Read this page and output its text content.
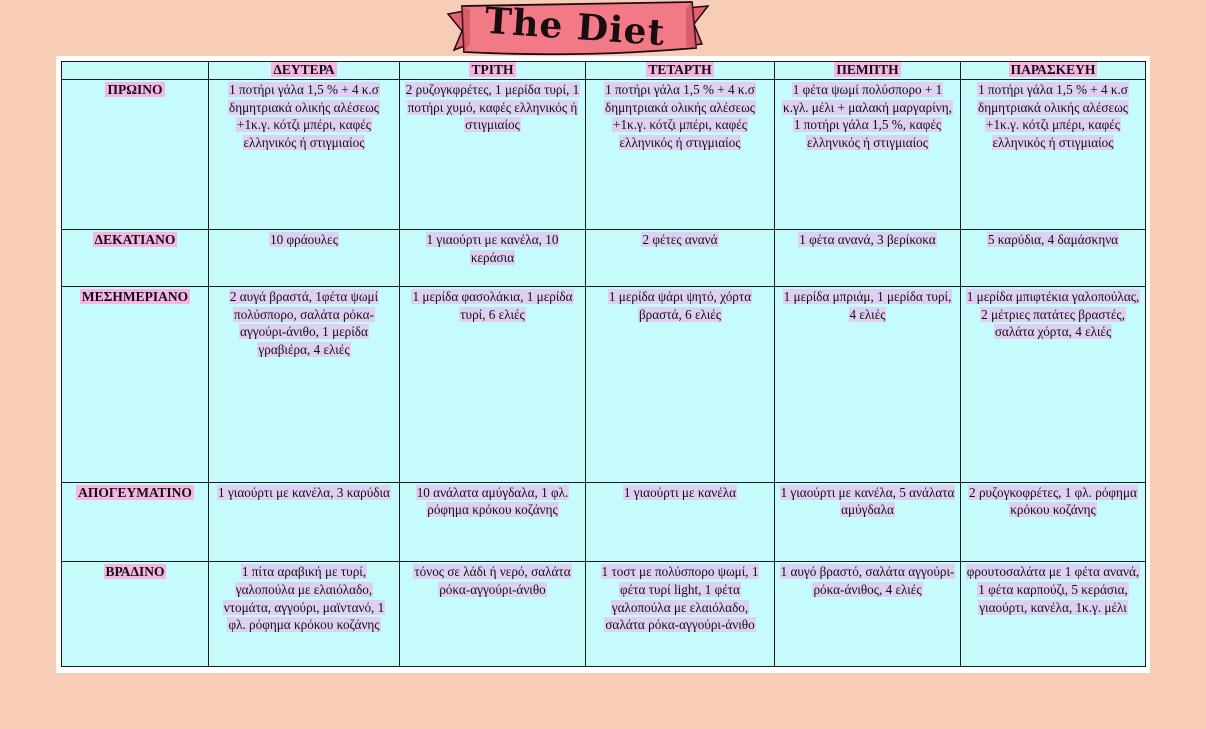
The Diet
	ΔΕΥΤΕΡΑ	ΤΡΙΤΗ	ΤΕΤΑΡΤΗ	ΠΕΜΠΤΗ	ΠΑΡΑΣΚΕΥΗ
ΠΡΩΙΝΟ	1 ποτήρι γάλα 1,5 % + 4 κ.σ δημητριακά ολικής αλέσεως +1κ.γ. κότζι μπέρι, καφές ελληνικός ή στιγμιαίος	2 ρυζογκφρέτες, 1 μερίδα τυρί, 1 ποτήρι χυμό, καφές ελληνικός ή στιγμιαίος	1 ποτήρι γάλα 1,5 % + 4 κ.σ δημητριακά ολικής αλέσεως +1κ.γ. κότζι μπέρι, καφές ελληνικός ή στιγμιαίος	1 φέτα ψωμί πολύσπορο + 1 κ.γλ. μέλι + μαλακή μαργαρίνη, 1 ποτήρι γάλα 1,5 %, καφές ελληνικός ή στιγμιαίος	1 ποτήρι γάλα 1,5 % + 4 κ.σ δημητριακά ολικής αλέσεως +1κ.γ. κότζι μπέρι, καφές ελληνικός ή στιγμιαίος
ΔΕΚΑΤΙΑΝΟ	10 φράουλες	1 γιαούρτι με κανέλα, 10 κεράσια	2 φέτες ανανά	1 φέτα ανανά, 3 βερίκοκα	5 καρύδια, 4 δαμάσκηνα
ΜΕΣΗΜΕΡΙΑΝΟ	2 αυγά βραστά, 1φέτα ψωμί πολύσπορο, σαλάτα ρόκα-αγγούρι-άνιθο, 1 μερίδα γραβιέρα, 4 ελιές	1 μερίδα φασολάκια, 1 μερίδα τυρί, 6 ελιές	1 μερίδα ψάρι ψητό, χόρτα βραστά, 6 ελιές	1 μερίδα μπριάμ, 1 μερίδα τυρί, 4 ελιές	1 μερίδα μπιφτέκια γαλοπούλας, 2 μέτριες πατάτες βραστές, σαλάτα χόρτα, 4 ελιές
ΑΠΟΓΕΥΜΑΤΙΝΟ	1 γιαούρτι με κανέλα, 3 καρύδια	10 ανάλατα αμύγδαλα, 1 φλ. ρόφημα κρόκου κοζάνης	1 γιαούρτι με κανέλα	1 γιαούρτι με κανέλα, 5 ανάλατα αμύγδαλα	2 ρυζογκοφρέτες, 1 φλ. ρόφημα κρόκου κοζάνης
ΒΡΑΔΙΝΟ	1 πίτα αραβική με τυρί, γαλοπούλα με ελαιόλαδο, ντομάτα, αγγούρι, μαϊντανό, 1 φλ. ρόφημα κρόκου κοζάνης	τόνος σε λάδι ή νερό, σαλάτα ρόκα-αγγούρι-άνιθο	1 τοστ με πολύσπορο ψωμί, 1 φέτα τυρί light, 1 φέτα γαλοπούλα με ελαιόλαδο, σαλάτα ρόκα-αγγούρι-άνιθο	1 αυγό βραστό, σαλάτα αγγούρι-ρόκα-άνιθος, 4 ελιές	φρουτοσαλάτα με 1 φέτα ανανά, 1 φέτα καρπούζι, 5 κεράσια, γιαούρτι, κανέλα, 1κ.γ. μέλι
